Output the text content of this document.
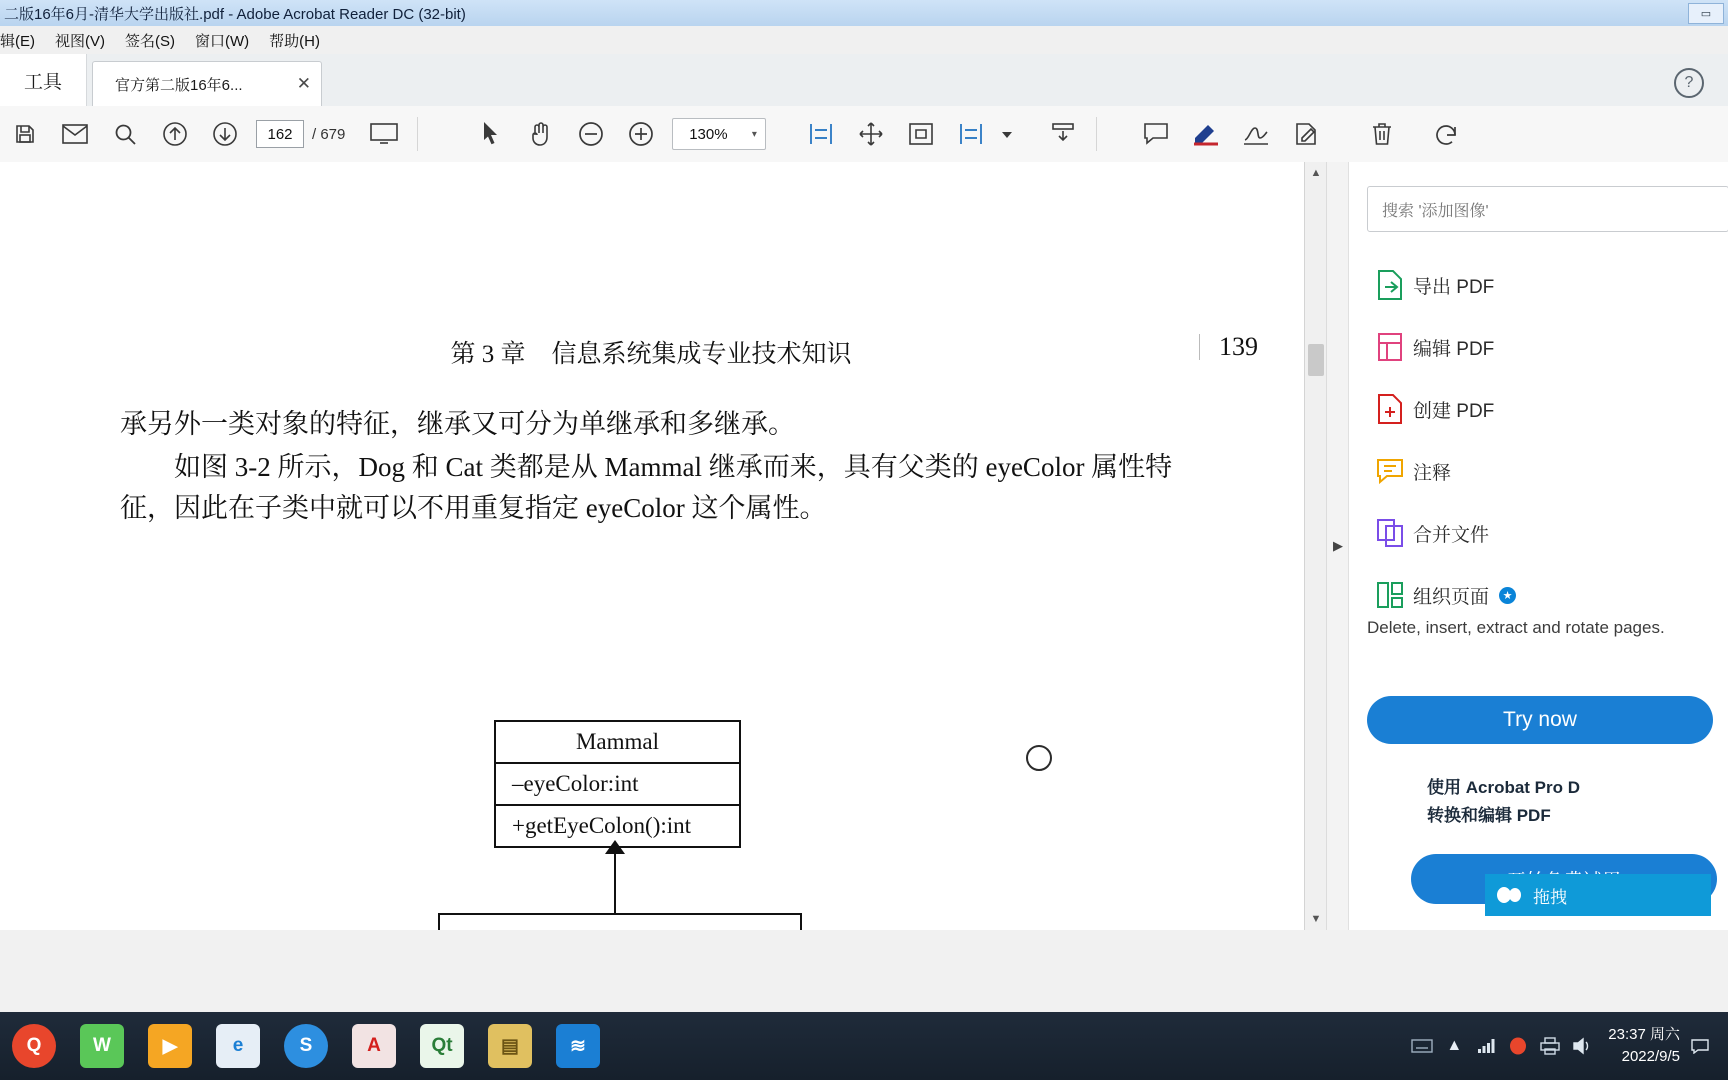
二版16年6月-清华大学出版社.pdf - Adobe Acrobat Reader DC (32-bit)	▭
辑(E)	视图(V)	签名(S)	窗口(W)	帮助(H)
工具	官方第二版16年6...	✕	?
162	/ 679	130%	▾
第 3 章 信息系统集成专业技术知识	139
承另外一类对象的特征，继承又可分为单继承和多继承。
如图 3-2 所示，Dog 和 Cat 类都是从 Mammal 继承而来，具有父类的 eyeColor 属性特征，因此在子类中就可以不用重复指定 eyeColor 这个属性。
Mammal
–eyeColor:int
+getEyeColon():int
▲
▼
▶
搜索 '添加图像'
导出 PDF
编辑 PDF
创建 PDF
注释
合并文件
组织页面	★
Delete, insert, extract and rotate pages.
Try now
使用 Acrobat Pro D
转换和编辑 PDF
拖拽
Q	W	▶	e	S	A	Qt	▤	≋	▲
23:37 周六
2022/9/5
